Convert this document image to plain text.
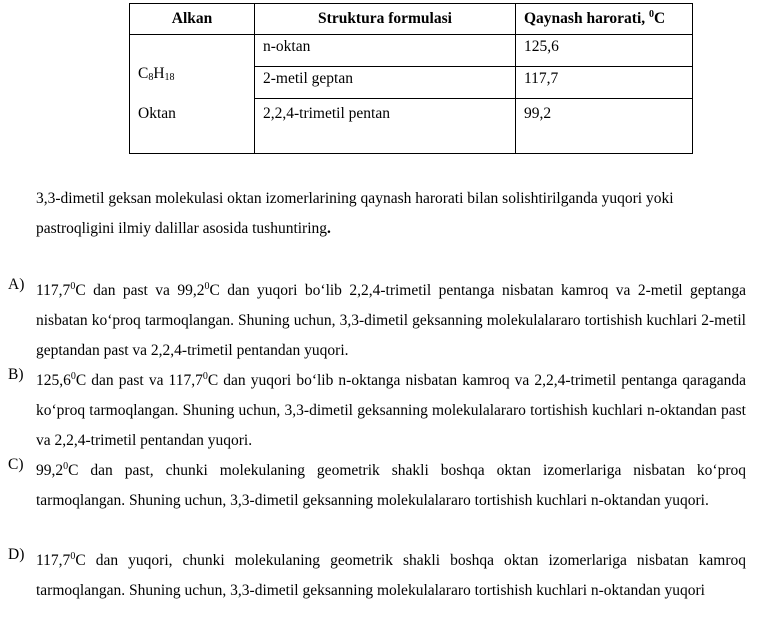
Alkan	Struktura formulasi	Qaynash harorati, $^0$C

$C_8H_{18}$
Oktan	n-oktan	125,6
	2-metil geptan	117,7
	2,2,4-trimetil pentan	99,2
3,3-dimetil geksan molekulasi oktan izomerlarining qaynash harorati bilan solishtirilganda yuqori yoki pastroqligini ilmiy dalillar asosida tushuntiring.
A) 117,7$^0$C dan past va 99,2$^0$C dan yuqori bo‘lib 2,2,4-trimetil pentanga nisbatan kamroq va 2-metil geptanga nisbatan ko‘proq tarmoqlangan. Shuning uchun, 3,3-dimetil geksanning molekulalararo tortishish kuchlari 2-metil geptandan past va 2,2,4-trimetil pentandan yuqori.
B) 125,6$^0$C dan past va 117,7$^0$C dan yuqori bo‘lib n-oktanga nisbatan kamroq va 2,2,4-trimetil pentanga qaraganda ko‘proq tarmoqlangan. Shuning uchun, 3,3-dimetil geksanning molekulalararo tortishish kuchlari n-oktandan past va 2,2,4-trimetil pentandan yuqori.
C) 99,2$^0$C dan past, chunki molekulaning geometrik shakli boshqa oktan izomerlariga nisbatan ko‘proq tarmoqlangan. Shuning uchun, 3,3-dimetil geksanning molekulalararo tortishish kuchlari n-oktandan yuqori.
D) 117,7$^0$C dan yuqori, chunki molekulaning geometrik shakli boshqa oktan izomerlariga nisbatan kamroq tarmoqlangan. Shuning uchun, 3,3-dimetil geksanning molekulalararo tortishish kuchlari n-oktandan yuqori
